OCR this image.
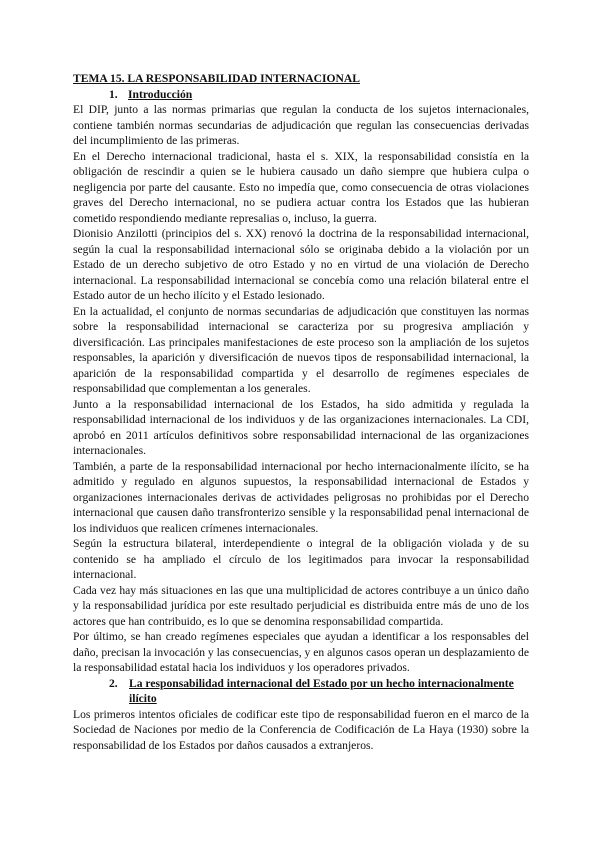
TEMA 15. LA RESPONSABILIDAD INTERNACIONAL

1. Introducción

El DIP, junto a las normas primarias que regulan la conducta de los sujetos internacionales, contiene también normas secundarias de adjudicación que regulan las consecuencias derivadas del incumplimiento de las primeras.

En el Derecho internacional tradicional, hasta el s. XIX, la responsabilidad consistía en la obligación de rescindir a quien se le hubiera causado un daño siempre que hubiera culpa o negligencia por parte del causante. Esto no impedía que, como consecuencia de otras violaciones graves del Derecho internacional, no se pudiera actuar contra los Estados que las hubieran cometido respondiendo mediante represalias o, incluso, la guerra.

Dionisio Anzilotti (principios del s. XX) renovó la doctrina de la responsabilidad internacional, según la cual la responsabilidad internacional sólo se originaba debido a la violación por un Estado de un derecho subjetivo de otro Estado y no en virtud de una violación de Derecho internacional. La responsabilidad internacional se concebía como una relación bilateral entre el Estado autor de un hecho ilícito y el Estado lesionado.

En la actualidad, el conjunto de normas secundarias de adjudicación que constituyen las normas sobre la responsabilidad internacional se caracteriza por su progresiva ampliación y diversificación. Las principales manifestaciones de este proceso son la ampliación de los sujetos responsables, la aparición y diversificación de nuevos tipos de responsabilidad internacional, la aparición de la responsabilidad compartida y el desarrollo de regímenes especiales de responsabilidad que complementan a los generales.

Junto a la responsabilidad internacional de los Estados, ha sido admitida y regulada la responsabilidad internacional de los individuos y de las organizaciones internacionales. La CDI, aprobó en 2011 artículos definitivos sobre responsabilidad internacional de las organizaciones internacionales.

También, a parte de la responsabilidad internacional por hecho internacionalmente ilícito, se ha admitido y regulado en algunos supuestos, la responsabilidad internacional de Estados y organizaciones internacionales derivas de actividades peligrosas no prohibidas por el Derecho internacional que causen daño transfronterizo sensible y la responsabilidad penal internacional de los individuos que realicen crímenes internacionales.

Según la estructura bilateral, interdependiente o integral de la obligación violada y de su contenido se ha ampliado el círculo de los legitimados para invocar la responsabilidad internacional.

Cada vez hay más situaciones en las que una multiplicidad de actores contribuye a un único daño y la responsabilidad jurídica por este resultado perjudicial es distribuida entre más de uno de los actores que han contribuido, es lo que se denomina responsabilidad compartida.

Por último, se han creado regímenes especiales que ayudan a identificar a los responsables del daño, precisan la invocación y las consecuencias, y en algunos casos operan un desplazamiento de la responsabilidad estatal hacia los individuos y los operadores privados.

2. La responsabilidad internacional del Estado por un hecho internacionalmente ilícito

Los primeros intentos oficiales de codificar este tipo de responsabilidad fueron en el marco de la Sociedad de Naciones por medio de la Conferencia de Codificación de La Haya (1930) sobre la responsabilidad de los Estados por daños causados a extranjeros.
